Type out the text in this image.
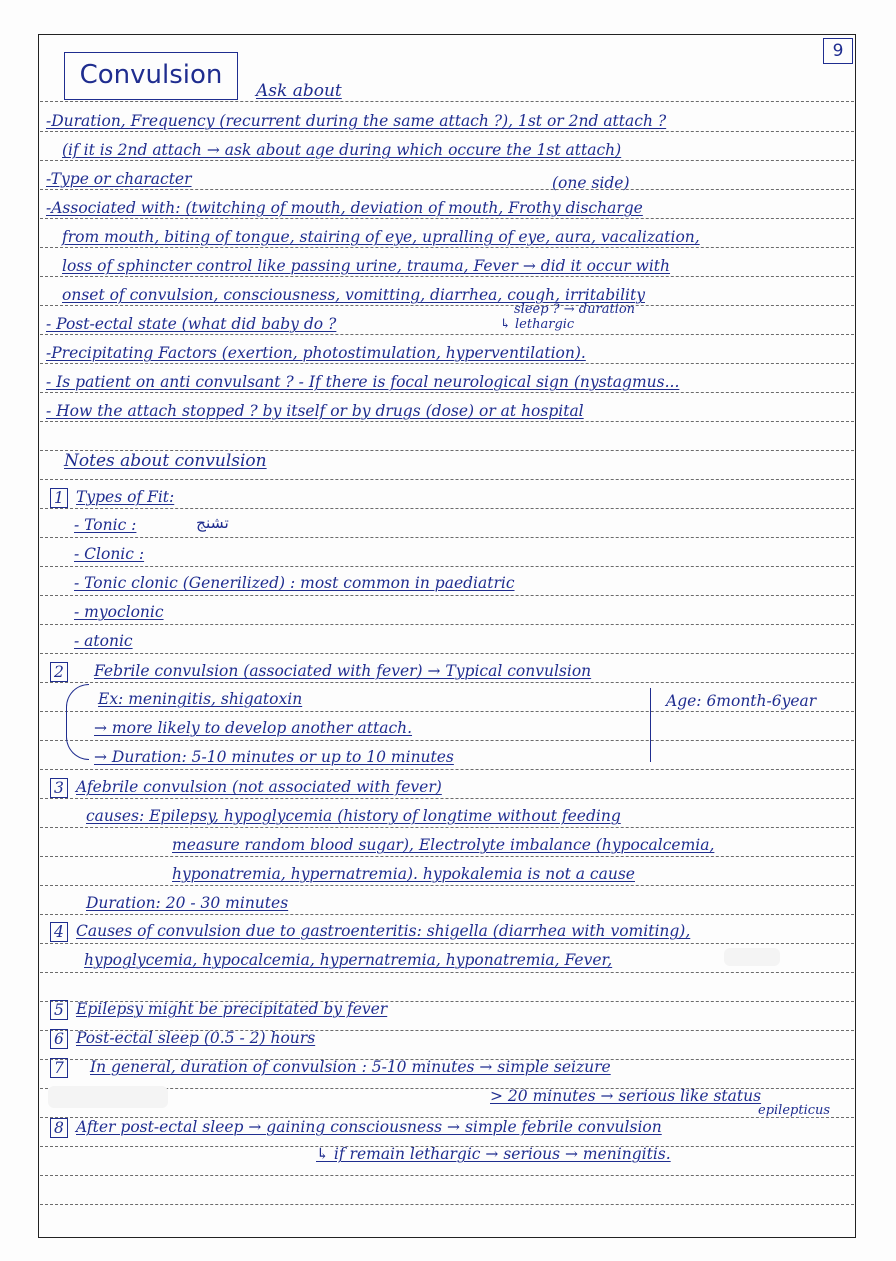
9
Convulsion
Ask about
-Duration, Frequency (recurrent during the same attach ?), 1st or 2nd attach ?
(if it is 2nd attach → ask about age during which occure the 1st attach)
(one side)
-Type or character
-Associated with: (twitching of mouth, deviation of mouth, Frothy discharge
from mouth, biting of tongue, stairing of eye, upralling of eye, aura, vacalization,
loss of sphincter control like passing urine, trauma, Fever → did it occur with
onset of convulsion, consciousness, vomitting, diarrhea, cough, irritability
sleep ? → duration
- Post-ectal state (what did baby do ?	↳ lethargic
-Precipitating Factors (exertion, photostimulation, hyperventilation).
- Is patient on anti convulsant ? - If there is focal neurological sign (nystagmus...
- How the attach stopped ? by itself or by drugs (dose) or at hospital
Notes about convulsion
1 Types of Fit:
- Tonic :	تشنج
- Clonic :
- Tonic clonic (Generilized) : most common in paediatric
- myoclonic
- atonic
2 Febrile convulsion (associated with fever) → Typical convulsion
Ex: meningitis, shigatoxin	Age: 6month-6year
→ more likely to develop another attach.
→ Duration: 5-10 minutes or up to 10 minutes
3 Afebrile convulsion (not associated with fever)
causes: Epilepsy, hypoglycemia (history of longtime without feeding
measure random blood sugar), Electrolyte imbalance (hypocalcemia,
hyponatremia, hypernatremia). hypokalemia is not a cause
Duration: 20 - 30 minutes
4 Causes of convulsion due to gastroenteritis: shigella (diarrhea with vomiting),
hypoglycemia, hypocalcemia, hypernatremia, hyponatremia, Fever,
5 Epilepsy might be precipitated by fever
6 Post-ectal sleep (0.5 - 2) hours
7 In general, duration of convulsion : 5-10 minutes → simple seizure
> 20 minutes → serious like status
epilepticus
8 After post-ectal sleep → gaining consciousness → simple febrile convulsion
↳ if remain lethargic → serious → meningitis.
